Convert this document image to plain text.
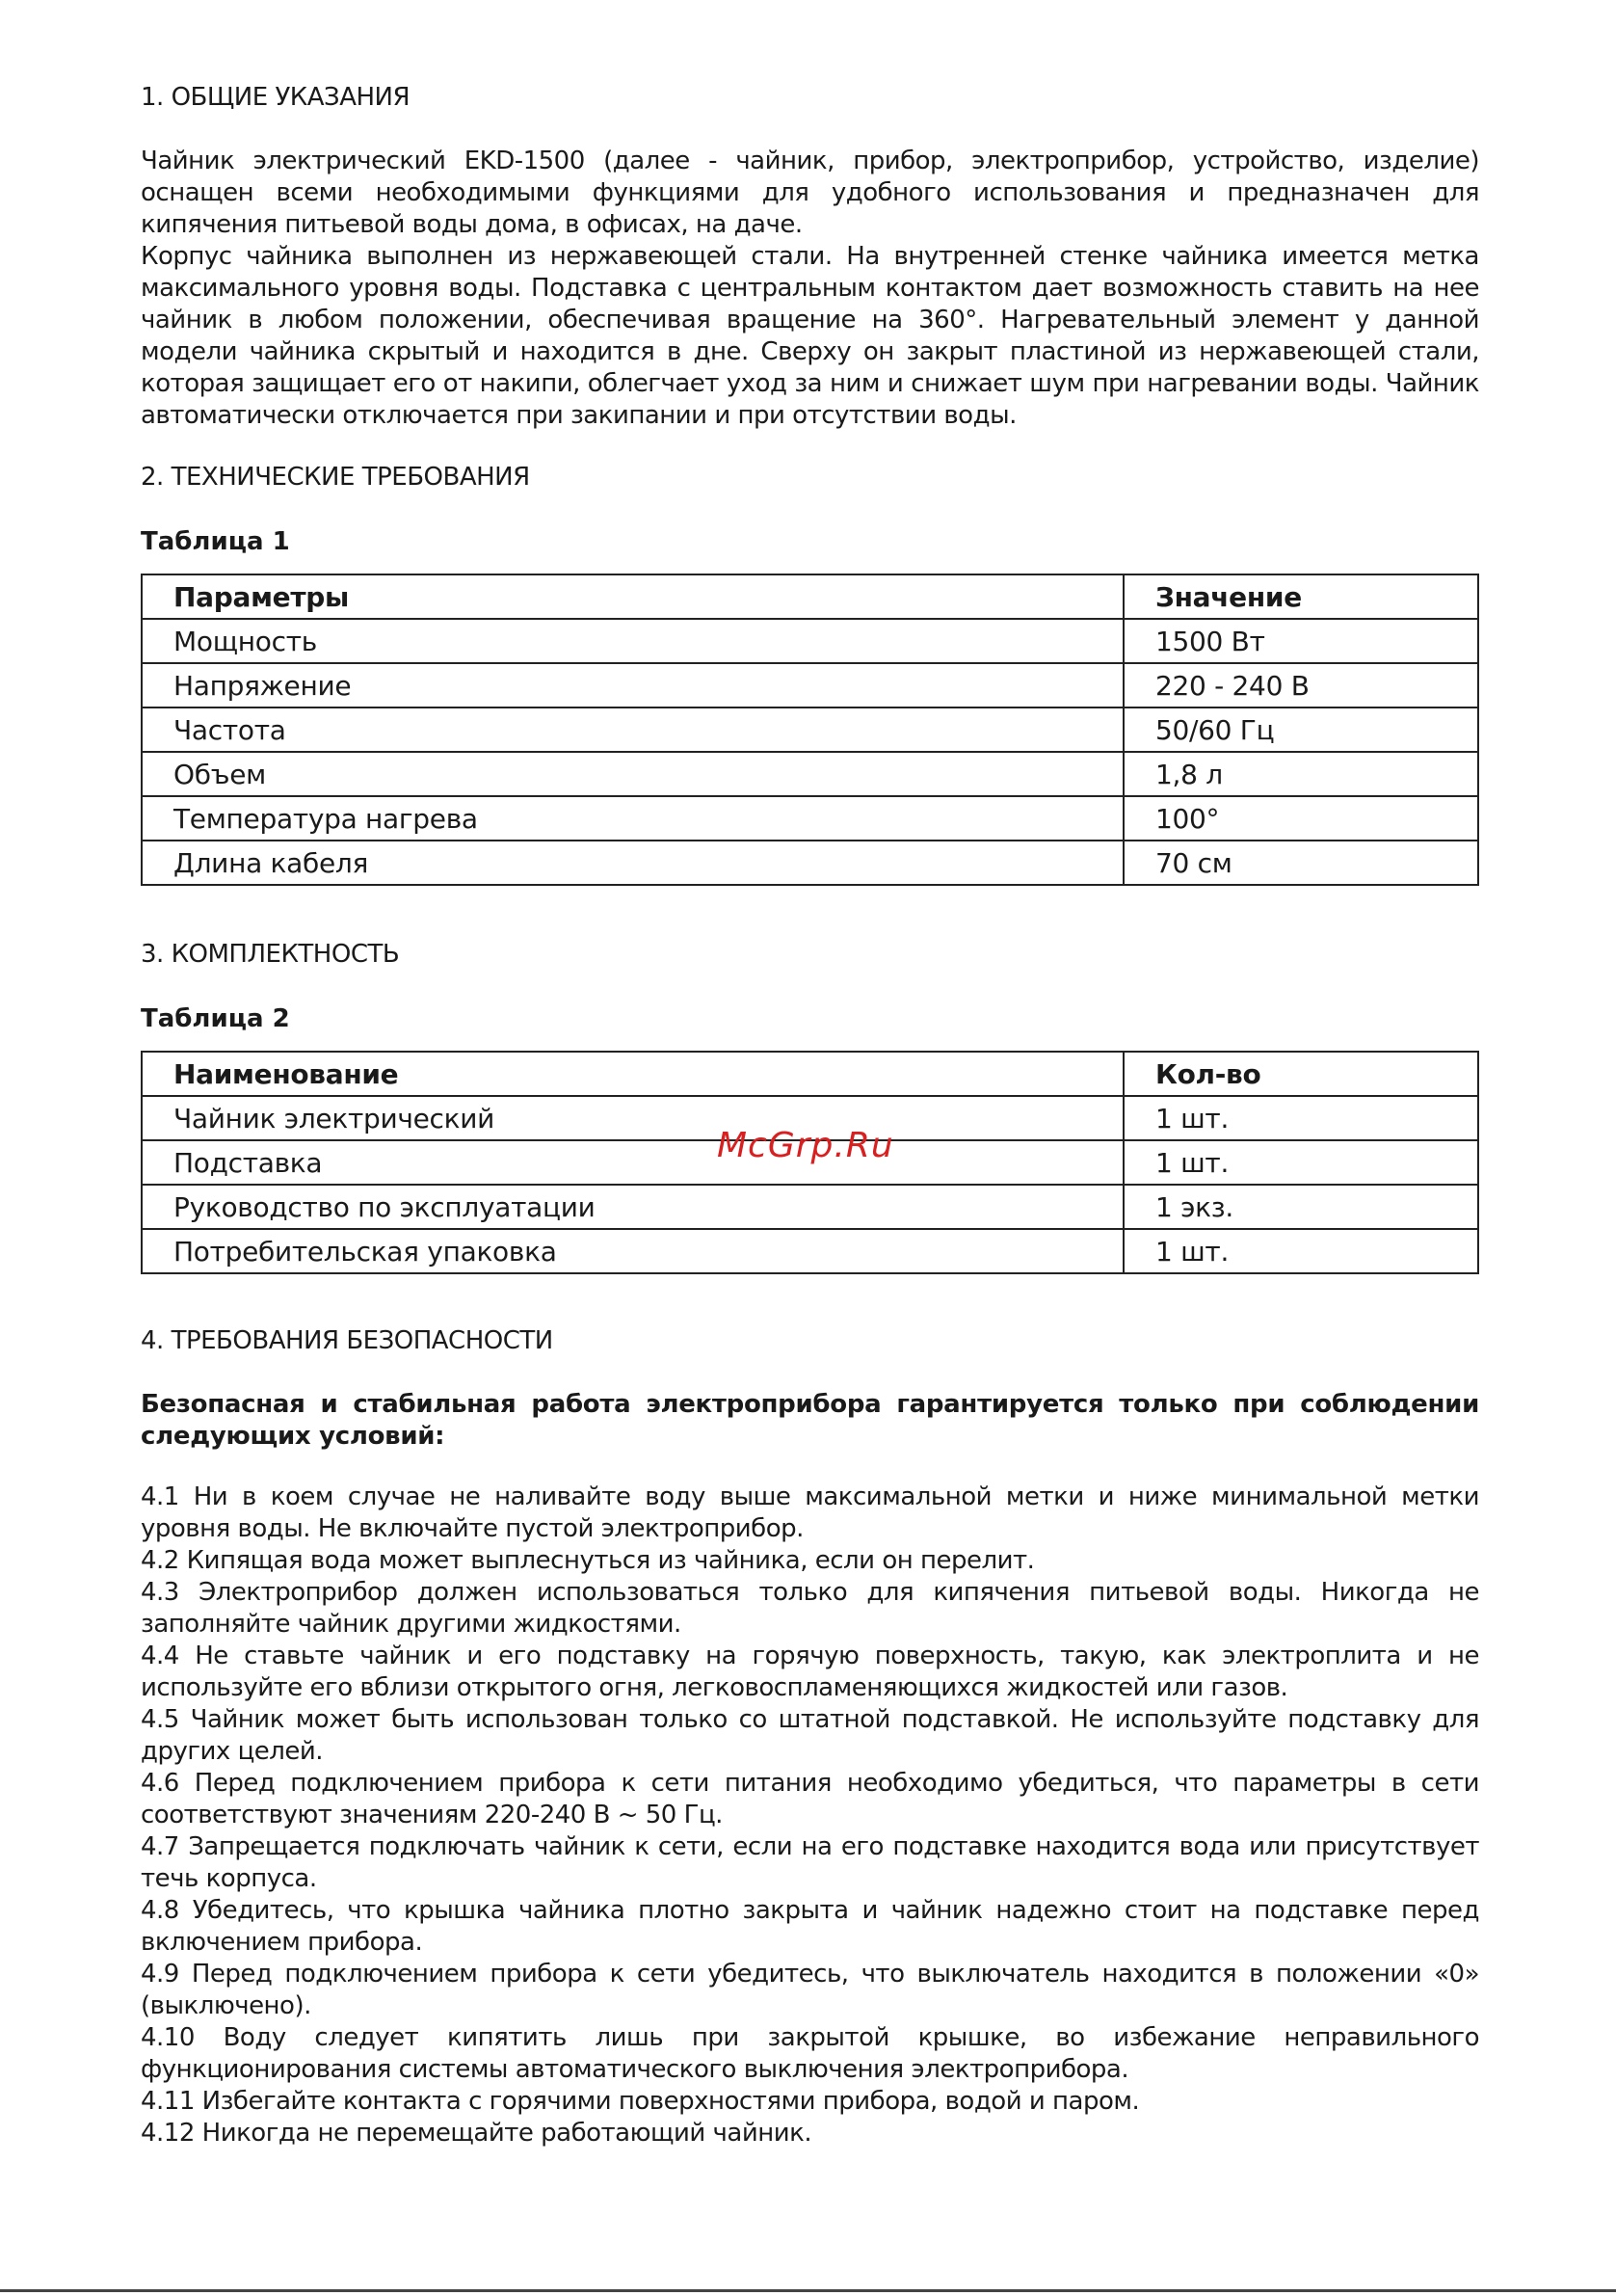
1. ОБЩИЕ УКАЗАНИЯ

Чайник электрический EKD-1500 (далее - чайник, прибор, электроприбор, устройство, изделие) оснащен всеми необходимыми функциями для удобного использования и предназначен для кипячения питьевой воды дома, в офисах, на даче.

Корпус чайника выполнен из нержавеющей стали. На внутренней стенке чайника имеется метка максимального уровня воды. Подставка с центральным контактом дает возможность ставить на нее чайник в любом положении, обеспечивая вращение на 360°. Нагревательный элемент у данной модели чайника скрытый и находится в дне. Сверху он закрыт пластиной из нержавеющей стали, которая защищает его от накипи, облегчает уход за ним и снижает шум при нагревании воды. Чайник автоматически отключается при закипании и при отсутствии воды.

2. ТЕХНИЧЕСКИЕ ТРЕБОВАНИЯ

Таблица 1

Параметры	Значение
Мощность	1500 Вт
Напряжение	220 - 240 В
Частота	50/60 Гц
Объем	1,8 л
Температура нагрева	100°
Длина кабеля	70 см
3. КОМПЛЕКТНОСТЬ

Таблица 2

Наименование	Кол-во
Чайник электрический	1 шт.
Подставка	1 шт.
Руководство по эксплуатации	1 экз.
Потребительская упаковка	1 шт.
4. ТРЕБОВАНИЯ БЕЗОПАСНОСТИ

Безопасная и стабильная работа электроприбора гарантируется только при соблюдении следующих условий:

4.1 Ни в коем случае не наливайте воду выше максимальной метки и ниже минимальной метки уровня воды. Не включайте пустой электроприбор.

4.2 Кипящая вода может выплеснуться из чайника, если он перелит.

4.3 Электроприбор должен использоваться только для кипячения питьевой воды. Никогда не заполняйте чайник другими жидкостями.

4.4 Не ставьте чайник и его подставку на горячую поверхность, такую, как электроплита и не используйте его вблизи открытого огня, легковоспламеняющихся жидкостей или газов.

4.5 Чайник может быть использован только со штатной подставкой. Не используйте подставку для других целей.

4.6 Перед подключением прибора к сети питания необходимо убедиться, что параметры в сети соответствуют значениям 220-240 В ~ 50 Гц.

4.7 Запрещается подключать чайник к сети, если на его подставке находится вода или присутствует течь корпуса.

4.8 Убедитесь, что крышка чайника плотно закрыта и чайник надежно стоит на подставке перед включением прибора.

4.9 Перед подключением прибора к сети убедитесь, что выключатель находится в положении «0» (выключено).

4.10 Воду следует кипятить лишь при закрытой крышке, во избежание неправильного функционирования системы автоматического выключения электроприбора.

4.11 Избегайте контакта с горячими поверхностями прибора, водой и паром.

4.12 Никогда не перемещайте работающий чайник.

McGrp.Ru
